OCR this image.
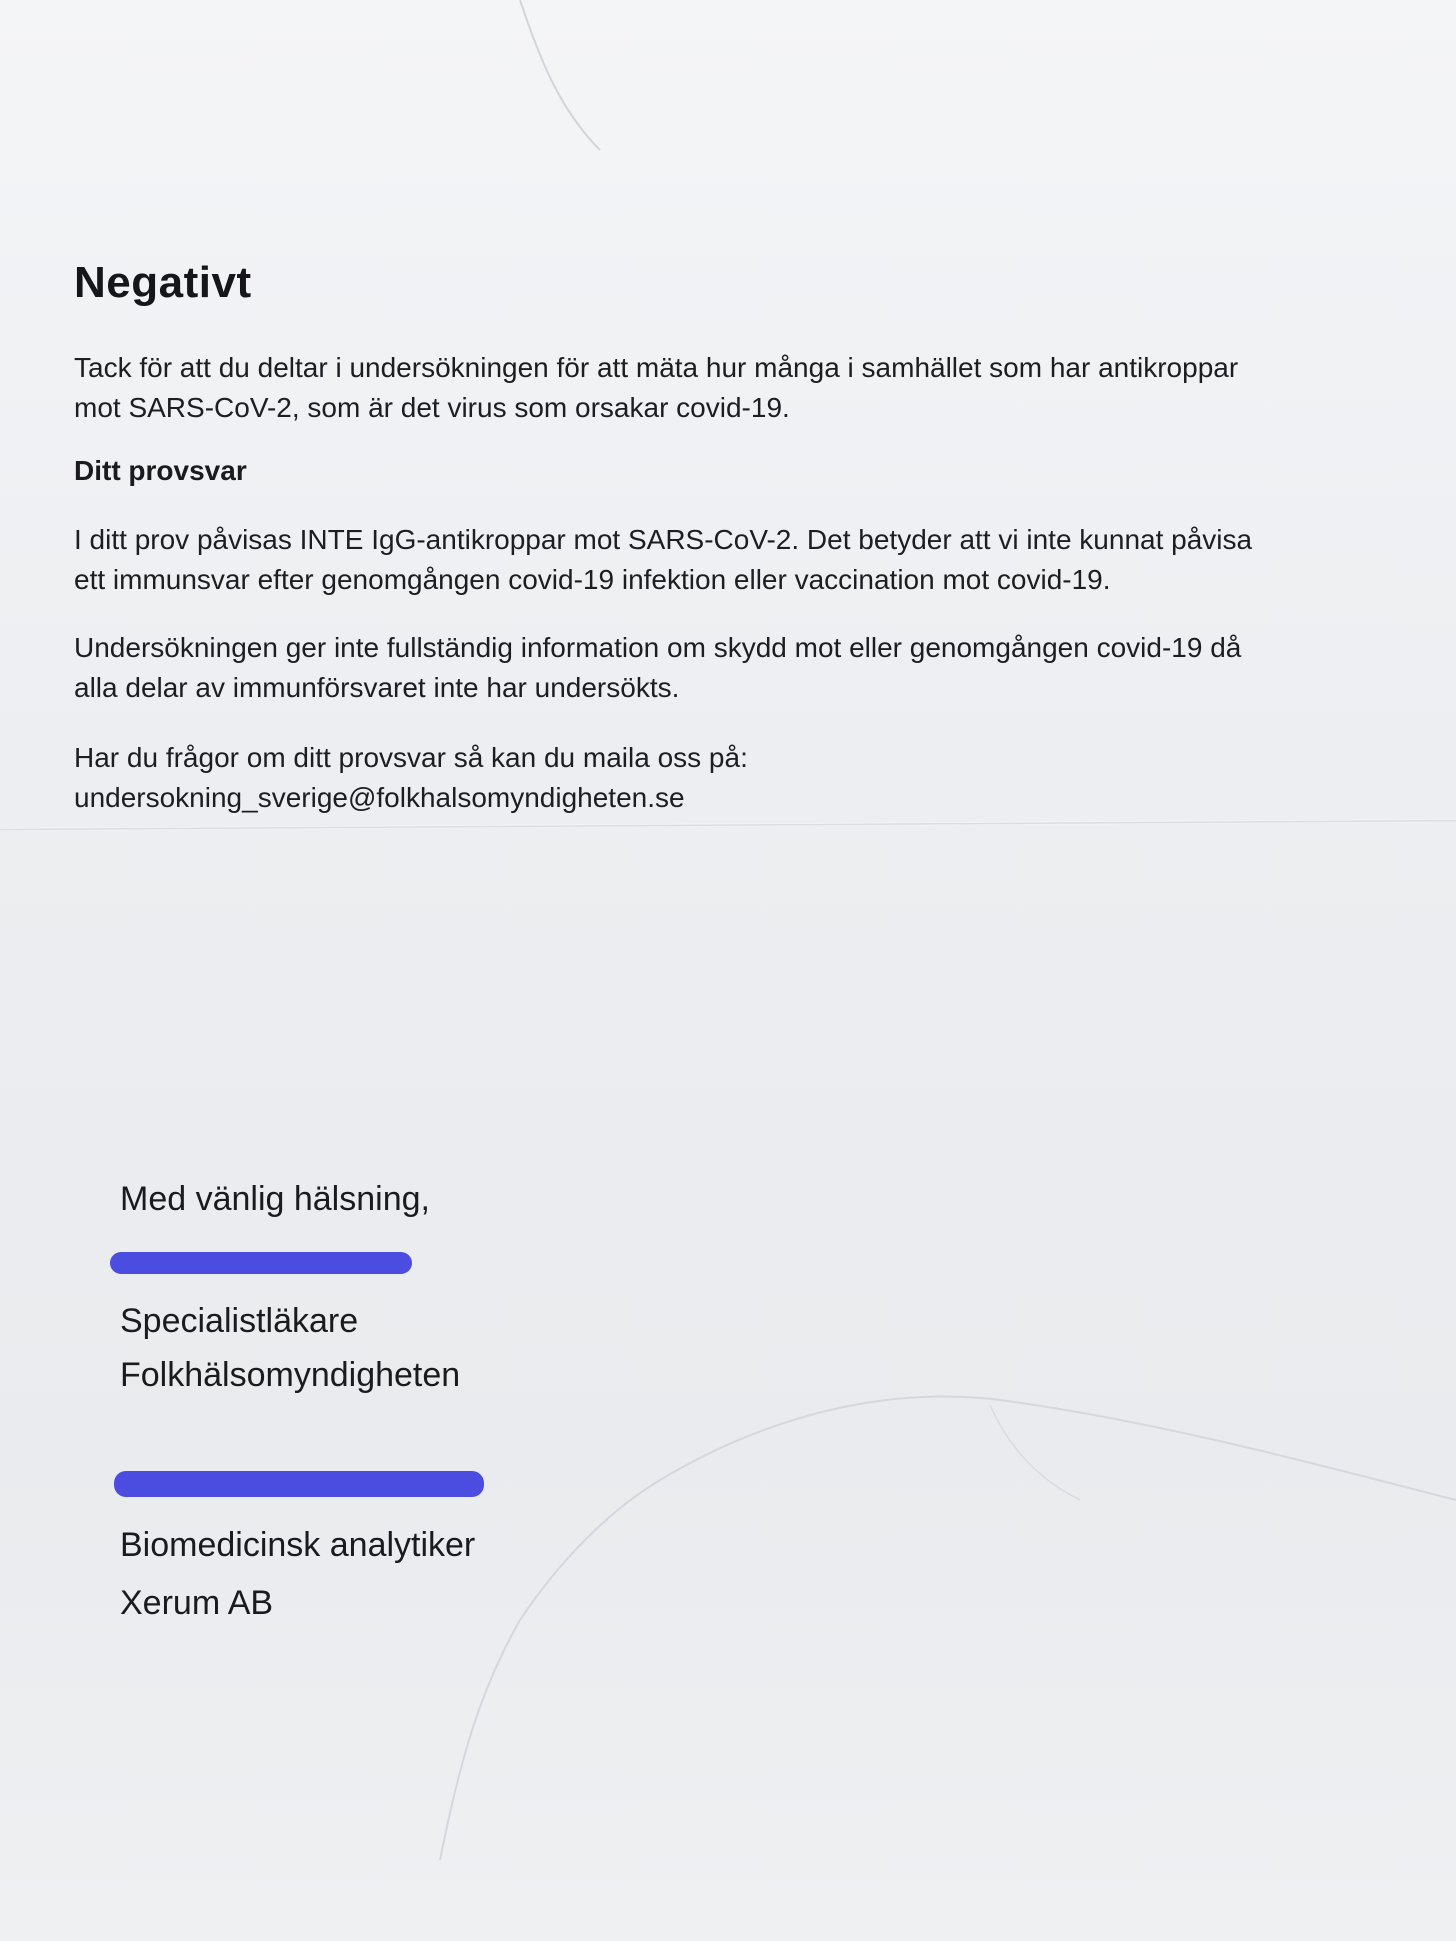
Negativt
Tack för att du deltar i undersökningen för att mäta hur många i samhället som har antikroppar
mot SARS-CoV-2, som är det virus som orsakar covid-19.
Ditt provsvar
I ditt prov påvisas INTE IgG-antikroppar mot SARS-CoV-2. Det betyder att vi inte kunnat påvisa
ett immunsvar efter genomgången covid-19 infektion eller vaccination mot covid-19.
Undersökningen ger inte fullständig information om skydd mot eller genomgången covid-19 då
alla delar av immunförsvaret inte har undersökts.
Har du frågor om ditt provsvar så kan du maila oss på:
undersokning_sverige@folkhalsomyndigheten.se
Med vänlig hälsning,
Specialistläkare
Folkhälsomyndigheten
Biomedicinsk analytiker
Xerum AB
